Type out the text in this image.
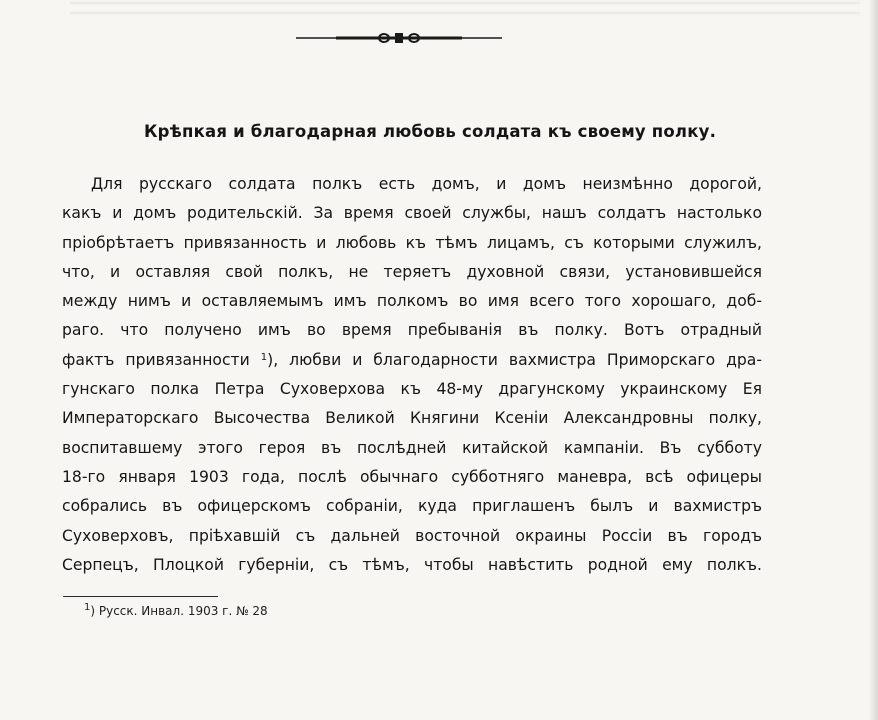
Крѣпкая и благодарная любовь солдата къ своему полку.
Для русскаго солдата полкъ есть домъ, и домъ неизмѣнно дорогой,
какъ и домъ родительскій. За время своей службы, нашъ солдатъ настолько
пріобрѣтаетъ привязанность и любовь къ тѣмъ лицамъ, съ которыми служилъ,
что, и оставляя свой полкъ, не теряетъ духовной связи, установившейся
между нимъ и оставляемымъ имъ полкомъ во имя всего того хорошаго, доб-
раго. что получено имъ во время пребыванія въ полку. Вотъ отрадный
фактъ привязанности $^1$), любви и благодарности вахмистра Приморскаго дра-
гунскаго полка Петра Суховерхова къ 48-му драгунскому украинскому Ея
Императорскаго Высочества Великой Княгини Ксеніи Александровны полку,
воспитавшему этого героя въ послѣдней китайской кампаніи. Въ субботу
18-го января 1903 года, послѣ обычнаго субботняго маневра, всѣ офицеры
собрались въ офицерскомъ собраніи, куда приглашенъ былъ и вахмистръ
Суховерховъ, пріѣхавшій съ дальней восточной окраины Россіи въ городъ
Серпецъ, Плоцкой губерніи, съ тѣмъ, чтобы навѣстить родной ему полкъ.
$^1$) Русск. Инвал. 1903 г. № 28
